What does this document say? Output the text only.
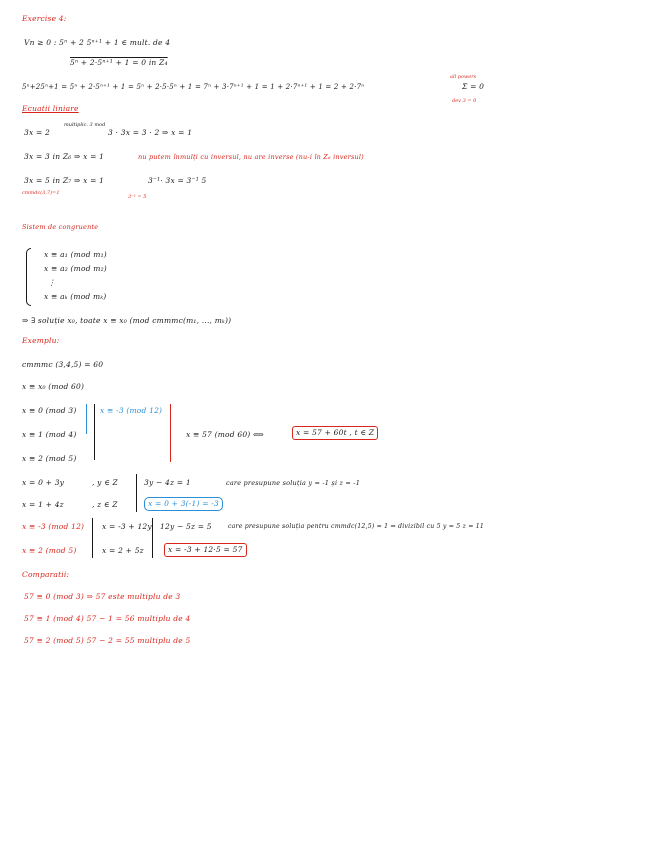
Exercise 4:
Vn ≥ 0 : 5ⁿ + 2 5ⁿ⁺¹ + 1 ∈ mult. de 4
5ⁿ + 2·5ⁿ⁺¹ + 1 = 0 in Z₄
5ⁿ+25ⁿ+1 = 5ⁿ + 2·5ⁿ⁺¹ + 1 = 5ⁿ + 2·5·5ⁿ + 1 = 7ⁿ + 3·7ⁿ⁺¹ + 1 = 1 + 2·7ⁿ⁺¹ + 1 = 2 + 2·7ⁿ
all powers
Σ = 0
dev 3 = 0
Ecuatii liniare
3x = 2
multiplic. 3 mod
3 · 3x = 3 · 2 ⇒ x = 1
3x = 3 in Z₆ ⇒ x = 1	nu putem înmulți cu inversul, nu are inverse (nu-i în Z₆ inversul)
3x = 5 in Z₇ ⇒ x = 1	3⁻¹· 3x = 3⁻¹ 5
cmmdc(3,7)=1
3⁻¹ = 5
Sistem de congruente
x ≡ a₁ (mod m₁)
x ≡ a₂ (mod m₂)
⋮
x ≡ aₖ (mod mₖ)
⇒ ∃ soluție x₀, toate x ≡ x₀ (mod cmmmc(m₁, ..., mₖ))
Exemplu:
cmmmc (3,4,5) = 60
x ≡ x₀ (mod 60)
x ≡ 0 (mod 3)
x ≡ 1 (mod 4)
x ≡ 2 (mod 5)
x ≡ -3 (mod 12)
x ≡ 57 (mod 60) ⟺	x = 57 + 60t , t ∈ Z
x = 0 + 3y	, y ∈ Z
x = 1 + 4z	, z ∈ Z
3y − 4z = 1	care presupune soluția y = -1 și z = -1
x = 0 + 3(-1) = -3
x ≡ -3 (mod 12)
x ≡ 2 (mod 5)
x = -3 + 12y
x = 2 + 5z
12y − 5z = 5	care presupune soluția pentru cmmdc(12,5) = 1 ⇒ divizibil cu 5 y = 5 z = 11
x = -3 + 12·5 = 57
Comparatii:
57 ≡ 0 (mod 3) ⇒ 57 este multiplu de 3
57 ≡ 1 (mod 4) 57 − 1 = 56 multiplu de 4
57 ≡ 2 (mod 5) 57 − 2 = 55 multiplu de 5
